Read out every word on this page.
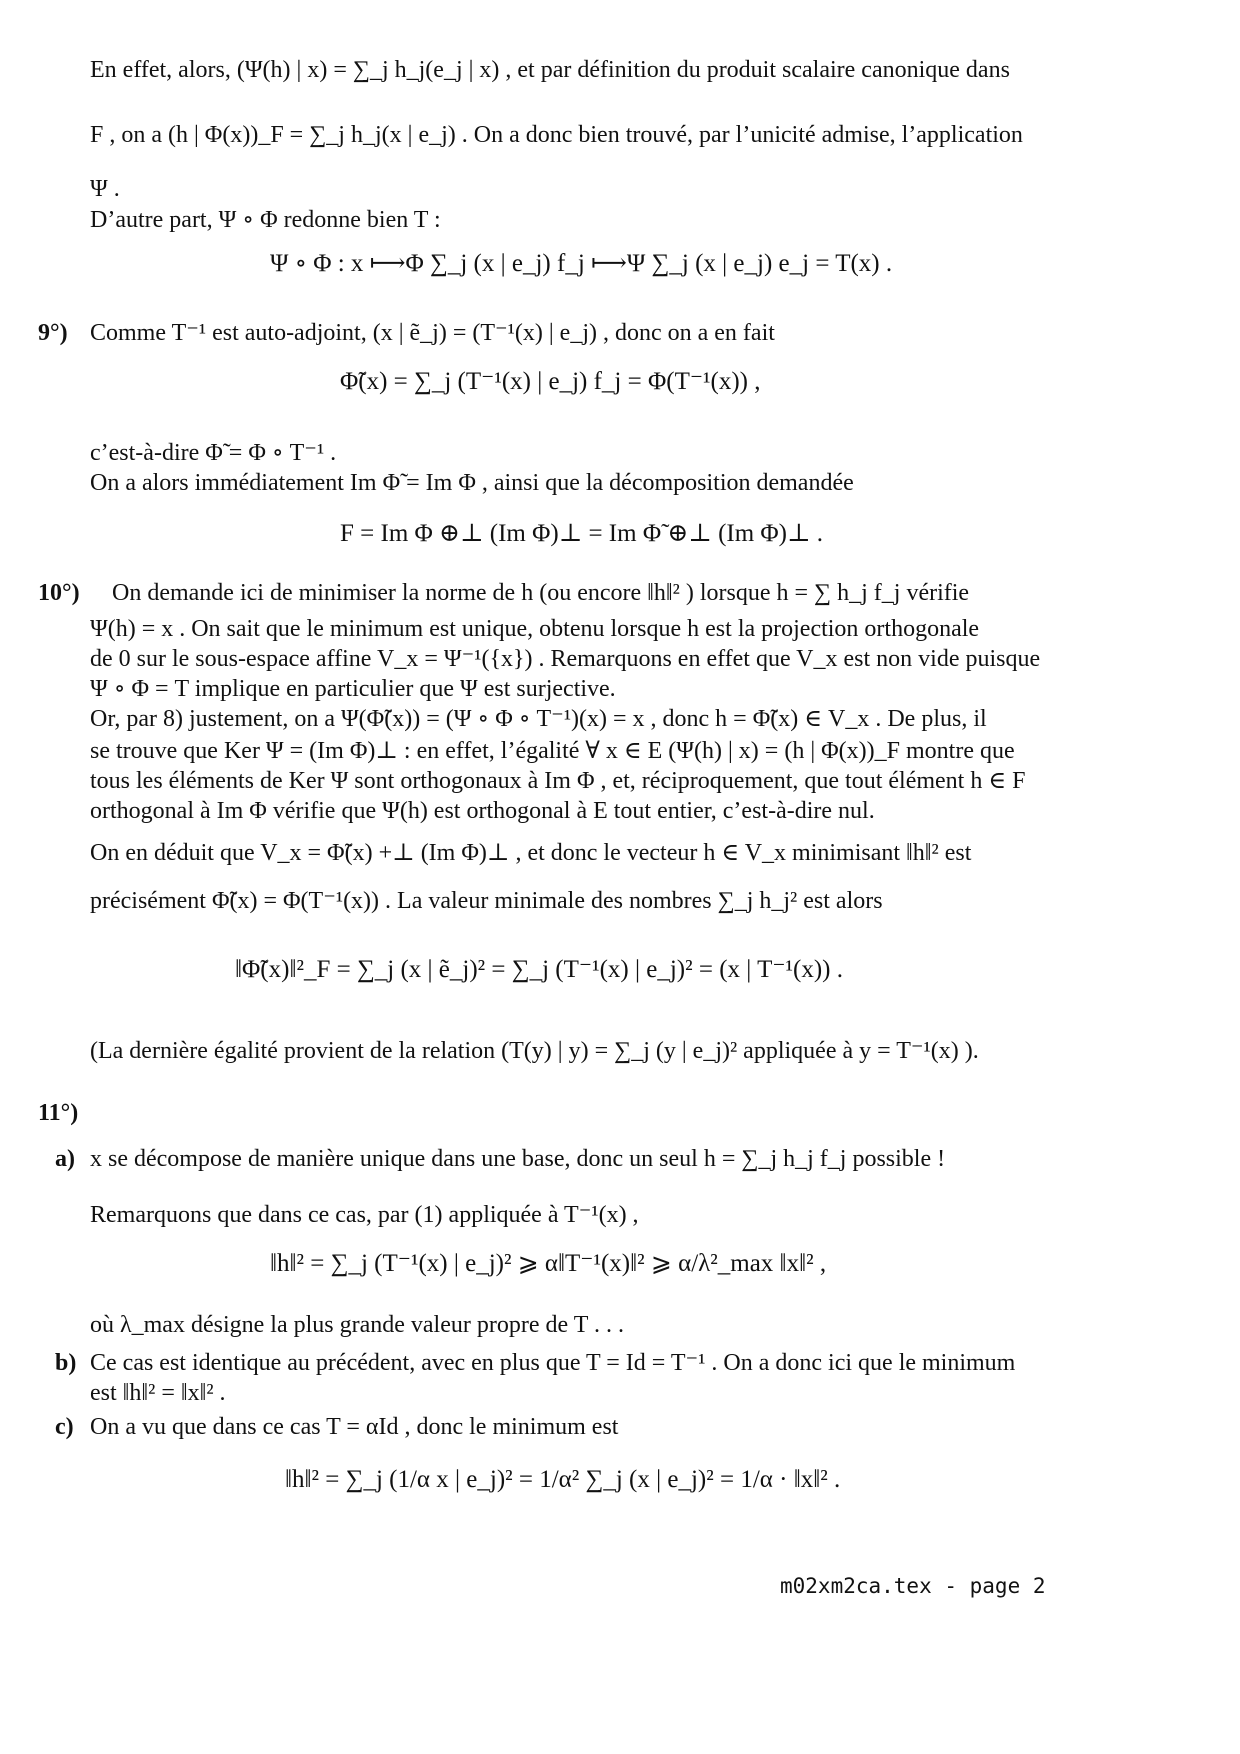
En effet, alors, (Ψ(h) | x) = ∑_j h_j(e_j | x) , et par définition du produit scalaire canonique dans
F , on a (h | Φ(x))_F = ∑_j h_j(x | e_j) . On a donc bien trouvé, par l’unicité admise, l’application
Ψ .
D’autre part, Ψ ∘ Φ redonne bien T :
Ψ ∘ Φ : x ⟼Φ ∑_j (x | e_j) f_j ⟼Ψ ∑_j (x | e_j) e_j = T(x) .
9°) Comme T⁻¹ est auto-adjoint, (x | ẽ_j) = (T⁻¹(x) | e_j) , donc on a en fait
Φ̃(x) = ∑_j (T⁻¹(x) | e_j) f_j = Φ(T⁻¹(x)) ,
c’est-à-dire Φ̃ = Φ ∘ T⁻¹ .
On a alors immédiatement Im Φ̃ = Im Φ , ainsi que la décomposition demandée
F = Im Φ ⊕⊥ (Im Φ)⊥ = Im Φ̃ ⊕⊥ (Im Φ)⊥ .
10°) On demande ici de minimiser la norme de h (ou encore ‖h‖² ) lorsque h = ∑ h_j f_j vérifie
Ψ(h) = x . On sait que le minimum est unique, obtenu lorsque h est la projection orthogonale
de 0 sur le sous-espace affine V_x = Ψ⁻¹({x}) . Remarquons en effet que V_x est non vide puisque
Ψ ∘ Φ = T implique en particulier que Ψ est surjective.
Or, par 8) justement, on a Ψ(Φ̃(x)) = (Ψ ∘ Φ ∘ T⁻¹)(x) = x , donc h = Φ̃(x) ∈ V_x . De plus, il
se trouve que Ker Ψ = (Im Φ)⊥ : en effet, l’égalité ∀ x ∈ E (Ψ(h) | x) = (h | Φ(x))_F montre que
tous les éléments de Ker Ψ sont orthogonaux à Im Φ , et, réciproquement, que tout élément h ∈ F
orthogonal à Im Φ vérifie que Ψ(h) est orthogonal à E tout entier, c’est-à-dire nul.
On en déduit que V_x = Φ̃(x) +⊥ (Im Φ)⊥ , et donc le vecteur h ∈ V_x minimisant ‖h‖² est
précisément Φ̃(x) = Φ(T⁻¹(x)) . La valeur minimale des nombres ∑_j h_j² est alors
‖Φ̃(x)‖²_F = ∑_j (x | ẽ_j)² = ∑_j (T⁻¹(x) | e_j)² = (x | T⁻¹(x)) .
(La dernière égalité provient de la relation (T(y) | y) = ∑_j (y | e_j)² appliquée à y = T⁻¹(x) ).
11°)
a) x se décompose de manière unique dans une base, donc un seul h = ∑_j h_j f_j possible !
Remarquons que dans ce cas, par (1) appliquée à T⁻¹(x) ,
‖h‖² = ∑_j (T⁻¹(x) | e_j)² ⩾ α‖T⁻¹(x)‖² ⩾ α/λ²_max ‖x‖² ,
où λ_max désigne la plus grande valeur propre de T . . .
b) Ce cas est identique au précédent, avec en plus que T = Id = T⁻¹ . On a donc ici que le minimum
est ‖h‖² = ‖x‖² .
c) On a vu que dans ce cas T = αId , donc le minimum est
‖h‖² = ∑_j (1/α x | e_j)² = 1/α² ∑_j (x | e_j)² = 1/α · ‖x‖² .
m02xm2ca.tex - page 2
